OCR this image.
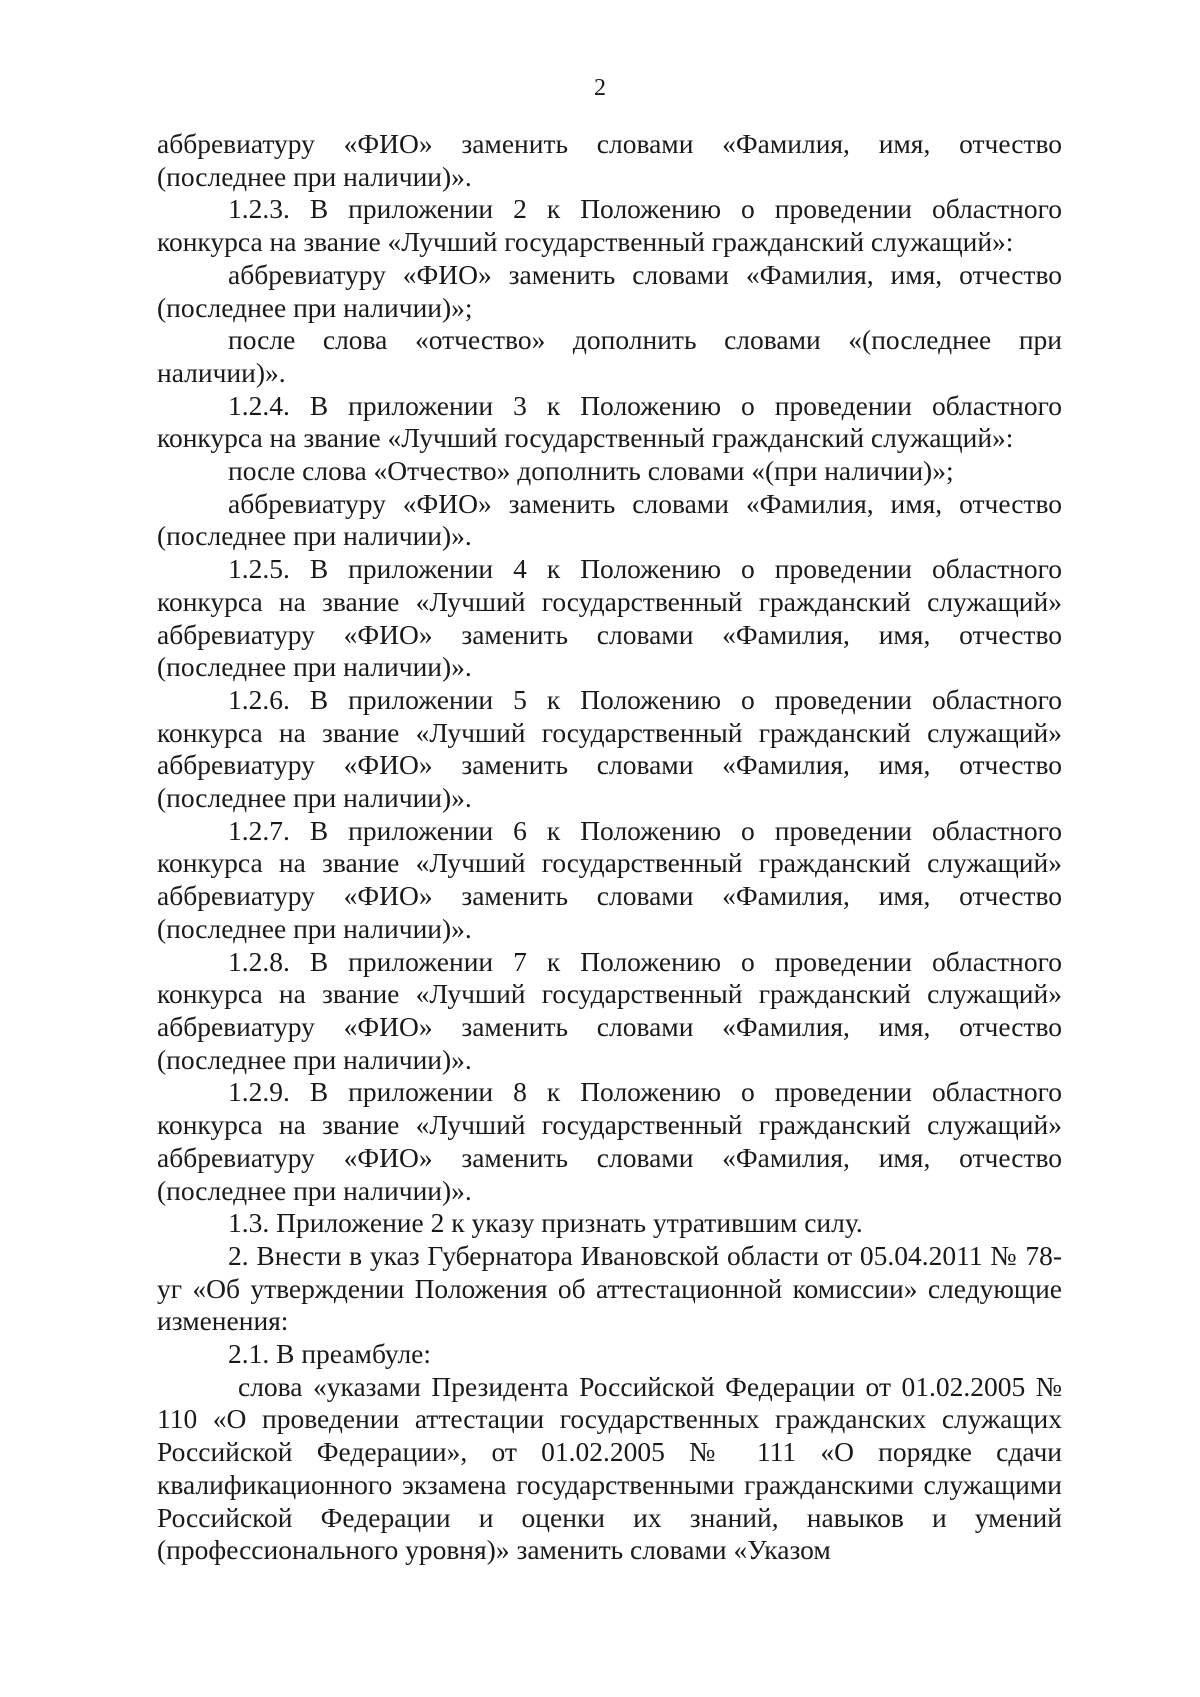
2

аббревиатуру «ФИО» заменить словами «Фамилия, имя, отчество (последнее при наличии)».

1.2.3. В приложении 2 к Положению о проведении областного конкурса на звание «Лучший государственный гражданский служащий»:

аббревиатуру «ФИО» заменить словами «Фамилия, имя, отчество (последнее при наличии)»;

после слова «отчество» дополнить словами «(последнее при наличии)».

1.2.4. В приложении 3 к Положению о проведении областного конкурса на звание «Лучший государственный гражданский служащий»:

после слова «Отчество» дополнить словами «(при наличии)»;

аббревиатуру «ФИО» заменить словами «Фамилия, имя, отчество (последнее при наличии)».

1.2.5. В приложении 4 к Положению о проведении областного конкурса на звание «Лучший государственный гражданский служащий» аббревиатуру «ФИО» заменить словами «Фамилия, имя, отчество (последнее при наличии)».

1.2.6. В приложении 5 к Положению о проведении областного конкурса на звание «Лучший государственный гражданский служащий» аббревиатуру «ФИО» заменить словами «Фамилия, имя, отчество (последнее при наличии)».

1.2.7. В приложении 6 к Положению о проведении областного конкурса на звание «Лучший государственный гражданский служащий» аббревиатуру «ФИО» заменить словами «Фамилия, имя, отчество (последнее при наличии)».

1.2.8. В приложении 7 к Положению о проведении областного конкурса на звание «Лучший государственный гражданский служащий» аббревиатуру «ФИО» заменить словами «Фамилия, имя, отчество (последнее при наличии)».

1.2.9. В приложении 8 к Положению о проведении областного конкурса на звание «Лучший государственный гражданский служащий» аббревиатуру «ФИО» заменить словами «Фамилия, имя, отчество (последнее при наличии)».

1.3. Приложение 2 к указу признать утратившим силу.

2. Внести в указ Губернатора Ивановской области от 05.04.2011 № 78-уг «Об утверждении Положения об аттестационной комиссии» следующие изменения:

2.1. В преамбуле:

слова «указами Президента Российской Федерации от 01.02.2005 № 110 «О проведении аттестации государственных гражданских служащих Российской Федерации», от 01.02.2005 № 111 «О порядке сдачи квалификационного экзамена государственными гражданскими служащими Российской Федерации и оценки их знаний, навыков и умений (профессионального уровня)» заменить словами «Указом
